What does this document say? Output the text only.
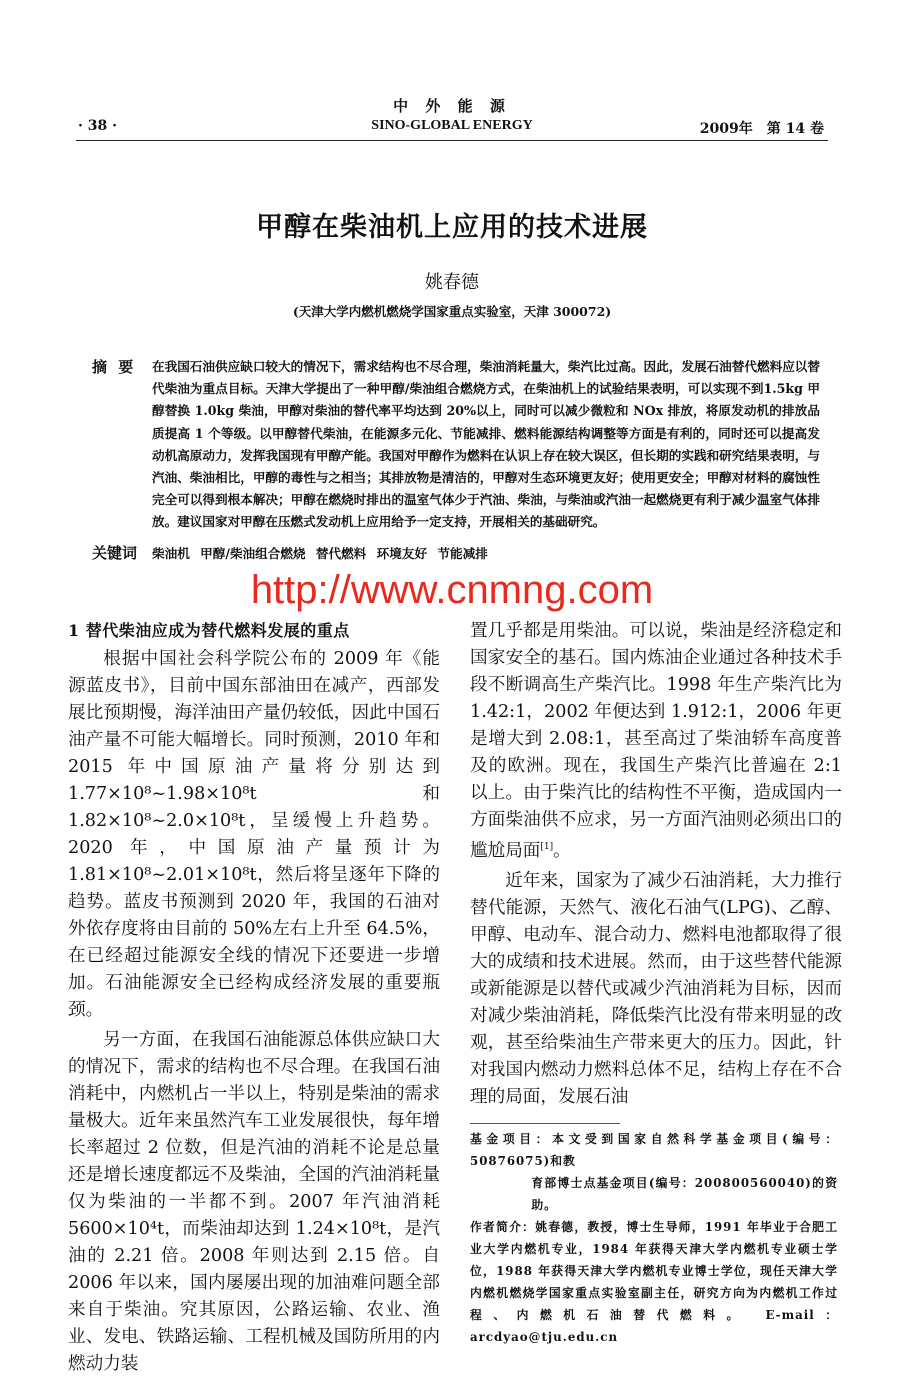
中 外 能 源
· 38 ·	SINO-GLOBAL ENERGY	2009年　第 14 卷
甲醇在柴油机上应用的技术进展
姚春德
(天津大学内燃机燃烧学国家重点实验室，天津 300072)
摘 要 在我国石油供应缺口较大的情况下，需求结构也不尽合理，柴油消耗量大，柴汽比过高。因此，发展石油替代燃料应以替代柴油为重点目标。天津大学提出了一种甲醇/柴油组合燃烧方式，在柴油机上的试验结果表明，可以实现不到1.5kg 甲醇替换 1.0kg 柴油，甲醇对柴油的替代率平均达到 20%以上，同时可以减少微粒和 NOx 排放，将原发动机的排放品质提高 1 个等级。以甲醇替代柴油，在能源多元化、节能减排、燃料能源结构调整等方面是有利的，同时还可以提高发动机高原动力，发挥我国现有甲醇产能。我国对甲醇作为燃料在认识上存在较大误区，但长期的实践和研究结果表明，与汽油、柴油相比，甲醇的毒性与之相当；其排放物是清洁的，甲醇对生态环境更友好；使用更安全；甲醇对材料的腐蚀性完全可以得到根本解决；甲醇在燃烧时排出的温室气体少于汽油、柴油，与柴油或汽油一起燃烧更有利于减少温室气体排放。建议国家对甲醇在压燃式发动机上应用给予一定支持，开展相关的基础研究。
关键词 柴油机 甲醇/柴油组合燃烧 替代燃料 环境友好 节能减排
http://www.cnmng.com
1 替代柴油应成为替代燃料发展的重点

根据中国社会科学院公布的 2009 年《能源蓝皮书》，目前中国东部油田在减产，西部发展比预期慢，海洋油田产量仍较低，因此中国石油产量不可能大幅增长。同时预测，2010 年和 2015 年中国原油产量将分别达到 1.77×10⁸~1.98×10⁸t 和 1.82×10⁸~2.0×10⁸t，呈缓慢上升趋势。2020 年，中国原油产量预计为 1.81×10⁸~2.01×10⁸t，然后将呈逐年下降的趋势。蓝皮书预测到 2020 年，我国的石油对外依存度将由目前的 50%左右上升至 64.5%，在已经超过能源安全线的情况下还要进一步增加。石油能源安全已经构成经济发展的重要瓶颈。

另一方面，在我国石油能源总体供应缺口大的情况下，需求的结构也不尽合理。在我国石油消耗中，内燃机占一半以上，特别是柴油的需求量极大。近年来虽然汽车工业发展很快，每年增长率超过 2 位数，但是汽油的消耗不论是总量还是增长速度都远不及柴油，全国的汽油消耗量仅为柴油的一半都不到。2007 年汽油消耗 5600×10⁴t，而柴油却达到 1.24×10⁸t，是汽油的 2.21 倍。2008 年则达到 2.15 倍。自 2006 年以来，国内屡屡出现的加油难问题全部来自于柴油。究其原因，公路运输、农业、渔业、发电、铁路运输、工程机械及国防所用的内燃动力装

置几乎都是用柴油。可以说，柴油是经济稳定和国家安全的基石。国内炼油企业通过各种技术手段不断调高生产柴汽比。1998 年生产柴汽比为 1.42:1，2002 年便达到 1.912:1，2006 年更是增大到 2.08:1，甚至高过了柴油轿车高度普及的欧洲。现在，我国生产柴汽比普遍在 2:1 以上。由于柴汽比的结构性不平衡，造成国内一方面柴油供不应求，另一方面汽油则必须出口的尴尬局面[1]。

近年来，国家为了减少石油消耗，大力推行替代能源，天然气、液化石油气(LPG)、乙醇、甲醇、电动车、混合动力、燃料电池都取得了很大的成绩和技术进展。然而，由于这些替代能源或新能源是以替代或减少汽油消耗为目标，因而对减少柴油消耗，降低柴汽比没有带来明显的改观，甚至给柴油生产带来更大的压力。因此，针对我国内燃动力燃料总体不足，结构上存在不合理的局面，发展石油

基金项目：本文受到国家自然科学基金项目(编号：50876075)和教
育部博士点基金项目(编号：200800560040)的资助。
作者简介：姚春德，教授，博士生导师，1991 年毕业于合肥工业大学内燃机专业，1984 年获得天津大学内燃机专业硕士学位，1988 年获得天津大学内燃机专业博士学位，现任天津大学内燃机燃烧学国家重点实验室副主任，研究方向为内燃机工作过程、内燃机石油替代燃料。 E-mail：arcdyao@tju.edu.cn
